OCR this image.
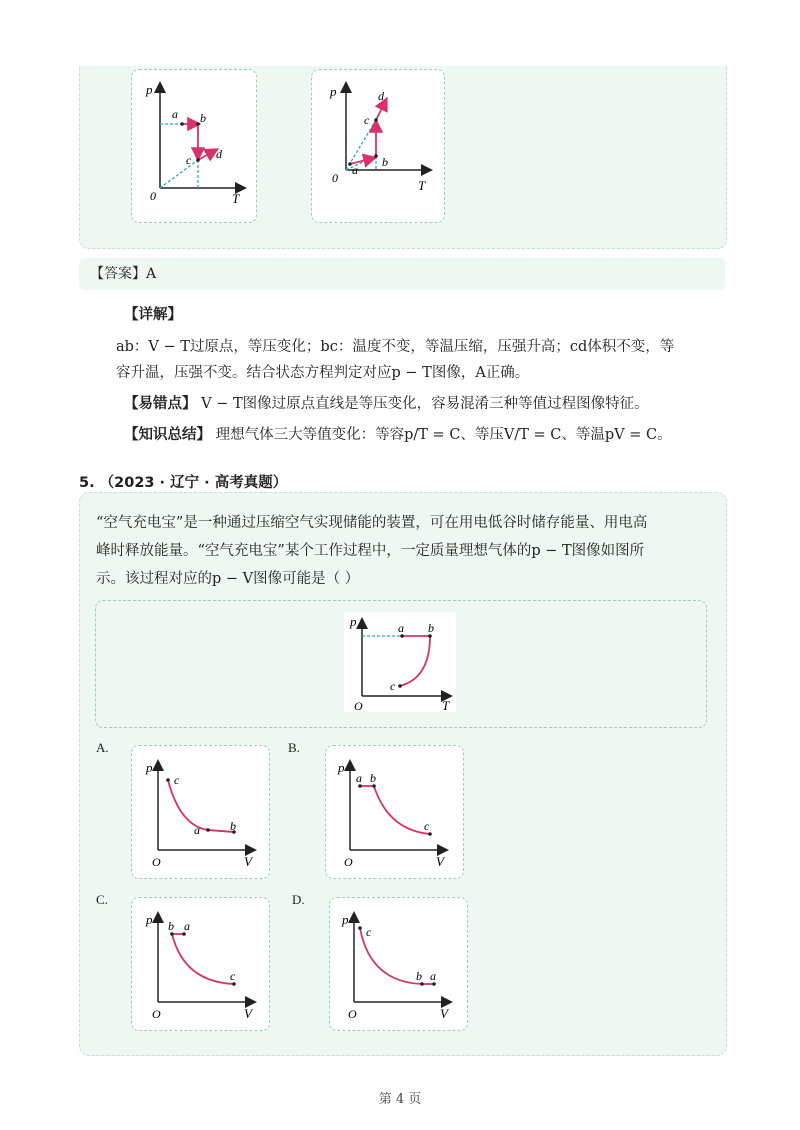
p
T
0
a b
c d
p
T
0
a
b
c
d
【答案】A
【详解】
ab：V − T过原点，等压变化；bc：温度不变，等温压缩，压强升高；cd体积不变，等
容升温，压强不变。结合状态方程判定对应p − T图像，A正确。
【易错点】 V − T图像过原点直线是等压变化，容易混淆三种等值过程图像特征。
【知识总结】 理想气体三大等值变化：等容p/T = C、等压V/T = C、等温pV = C。
5. （2023 · 辽宁 · 高考真题）
“空气充电宝”是一种通过压缩空气实现储能的装置，可在用电低谷时储存能量、用电高
峰时释放能量。“空气充电宝”某个工作过程中，一定质量理想气体的p − T图像如图所
示。该过程对应的p − V图像可能是（ ）
p
T
O
a b
c
A.
p
V
O
c
a	b
B.
p
V
O
a b
c
C.
p
V
O
b a
c
D.
p
V
O
c
b a
第 4 页
